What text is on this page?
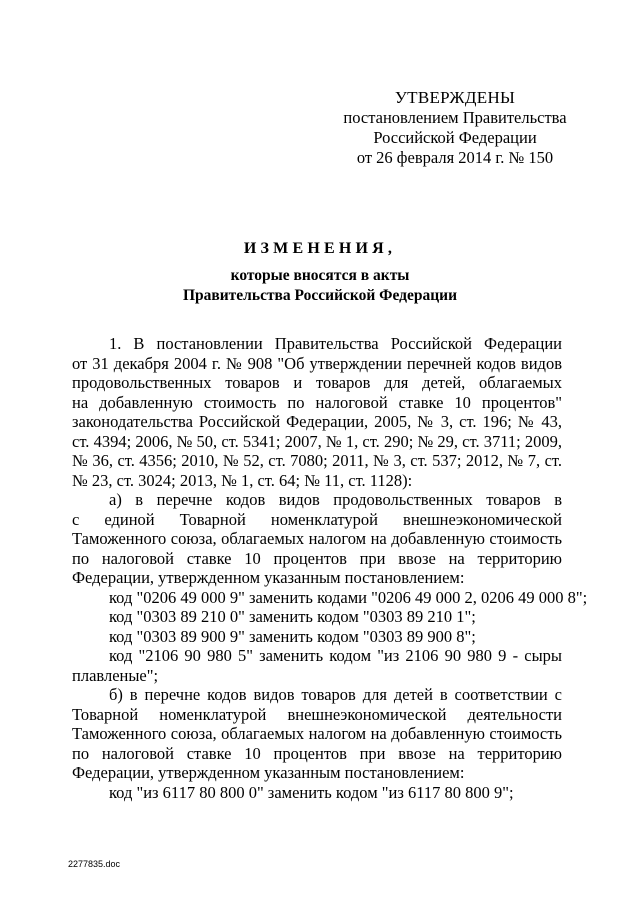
УТВЕРЖДЕНЫ
постановлением Правительства
Российской Федерации
от 26 февраля 2014 г. № 150
ИЗМЕНЕНИЯ,
которые вносятся в акты
Правительства Российской Федерации
1. В постановлении Правительства Российской Федерации
от 31 декабря 2004 г. № 908 "Об утверждении перечней кодов видов
продовольственных товаров и товаров для детей, облагаемых
на добавленную стоимость по налоговой ставке 10 процентов"
законодательства Российской Федерации, 2005, № 3, ст. 196; № 43,
ст. 4394; 2006, № 50, ст. 5341; 2007, № 1, ст. 290; № 29, ст. 3711; 2009,
№ 36, ст. 4356; 2010, № 52, ст. 7080; 2011, № 3, ст. 537; 2012, № 7, ст.
№ 23, ст. 3024; 2013, № 1, ст. 64; № 11, ст. 1128):
а) в перечне кодов видов продовольственных товаров в
с единой Товарной номенклатурой внешнеэкономической
Таможенного союза, облагаемых налогом на добавленную стоимость
по налоговой ставке 10 процентов при ввозе на территорию
Федерации, утвержденном указанным постановлением:
код "0206 49 000 9" заменить кодами "0206 49 000 2, 0206 49 000 8";
код "0303 89 210 0" заменить кодом "0303 89 210 1";
код "0303 89 900 9" заменить кодом "0303 89 900 8";
код "2106 90 980 5" заменить кодом "из 2106 90 980 9 - сыры
плавленые";
б) в перечне кодов видов товаров для детей в соответствии с
Товарной номенклатурой внешнеэкономической деятельности
Таможенного союза, облагаемых налогом на добавленную стоимость
по налоговой ставке 10 процентов при ввозе на территорию
Федерации, утвержденном указанным постановлением:
код "из 6117 80 800 0" заменить кодом "из 6117 80 800 9";
2277835.doc
